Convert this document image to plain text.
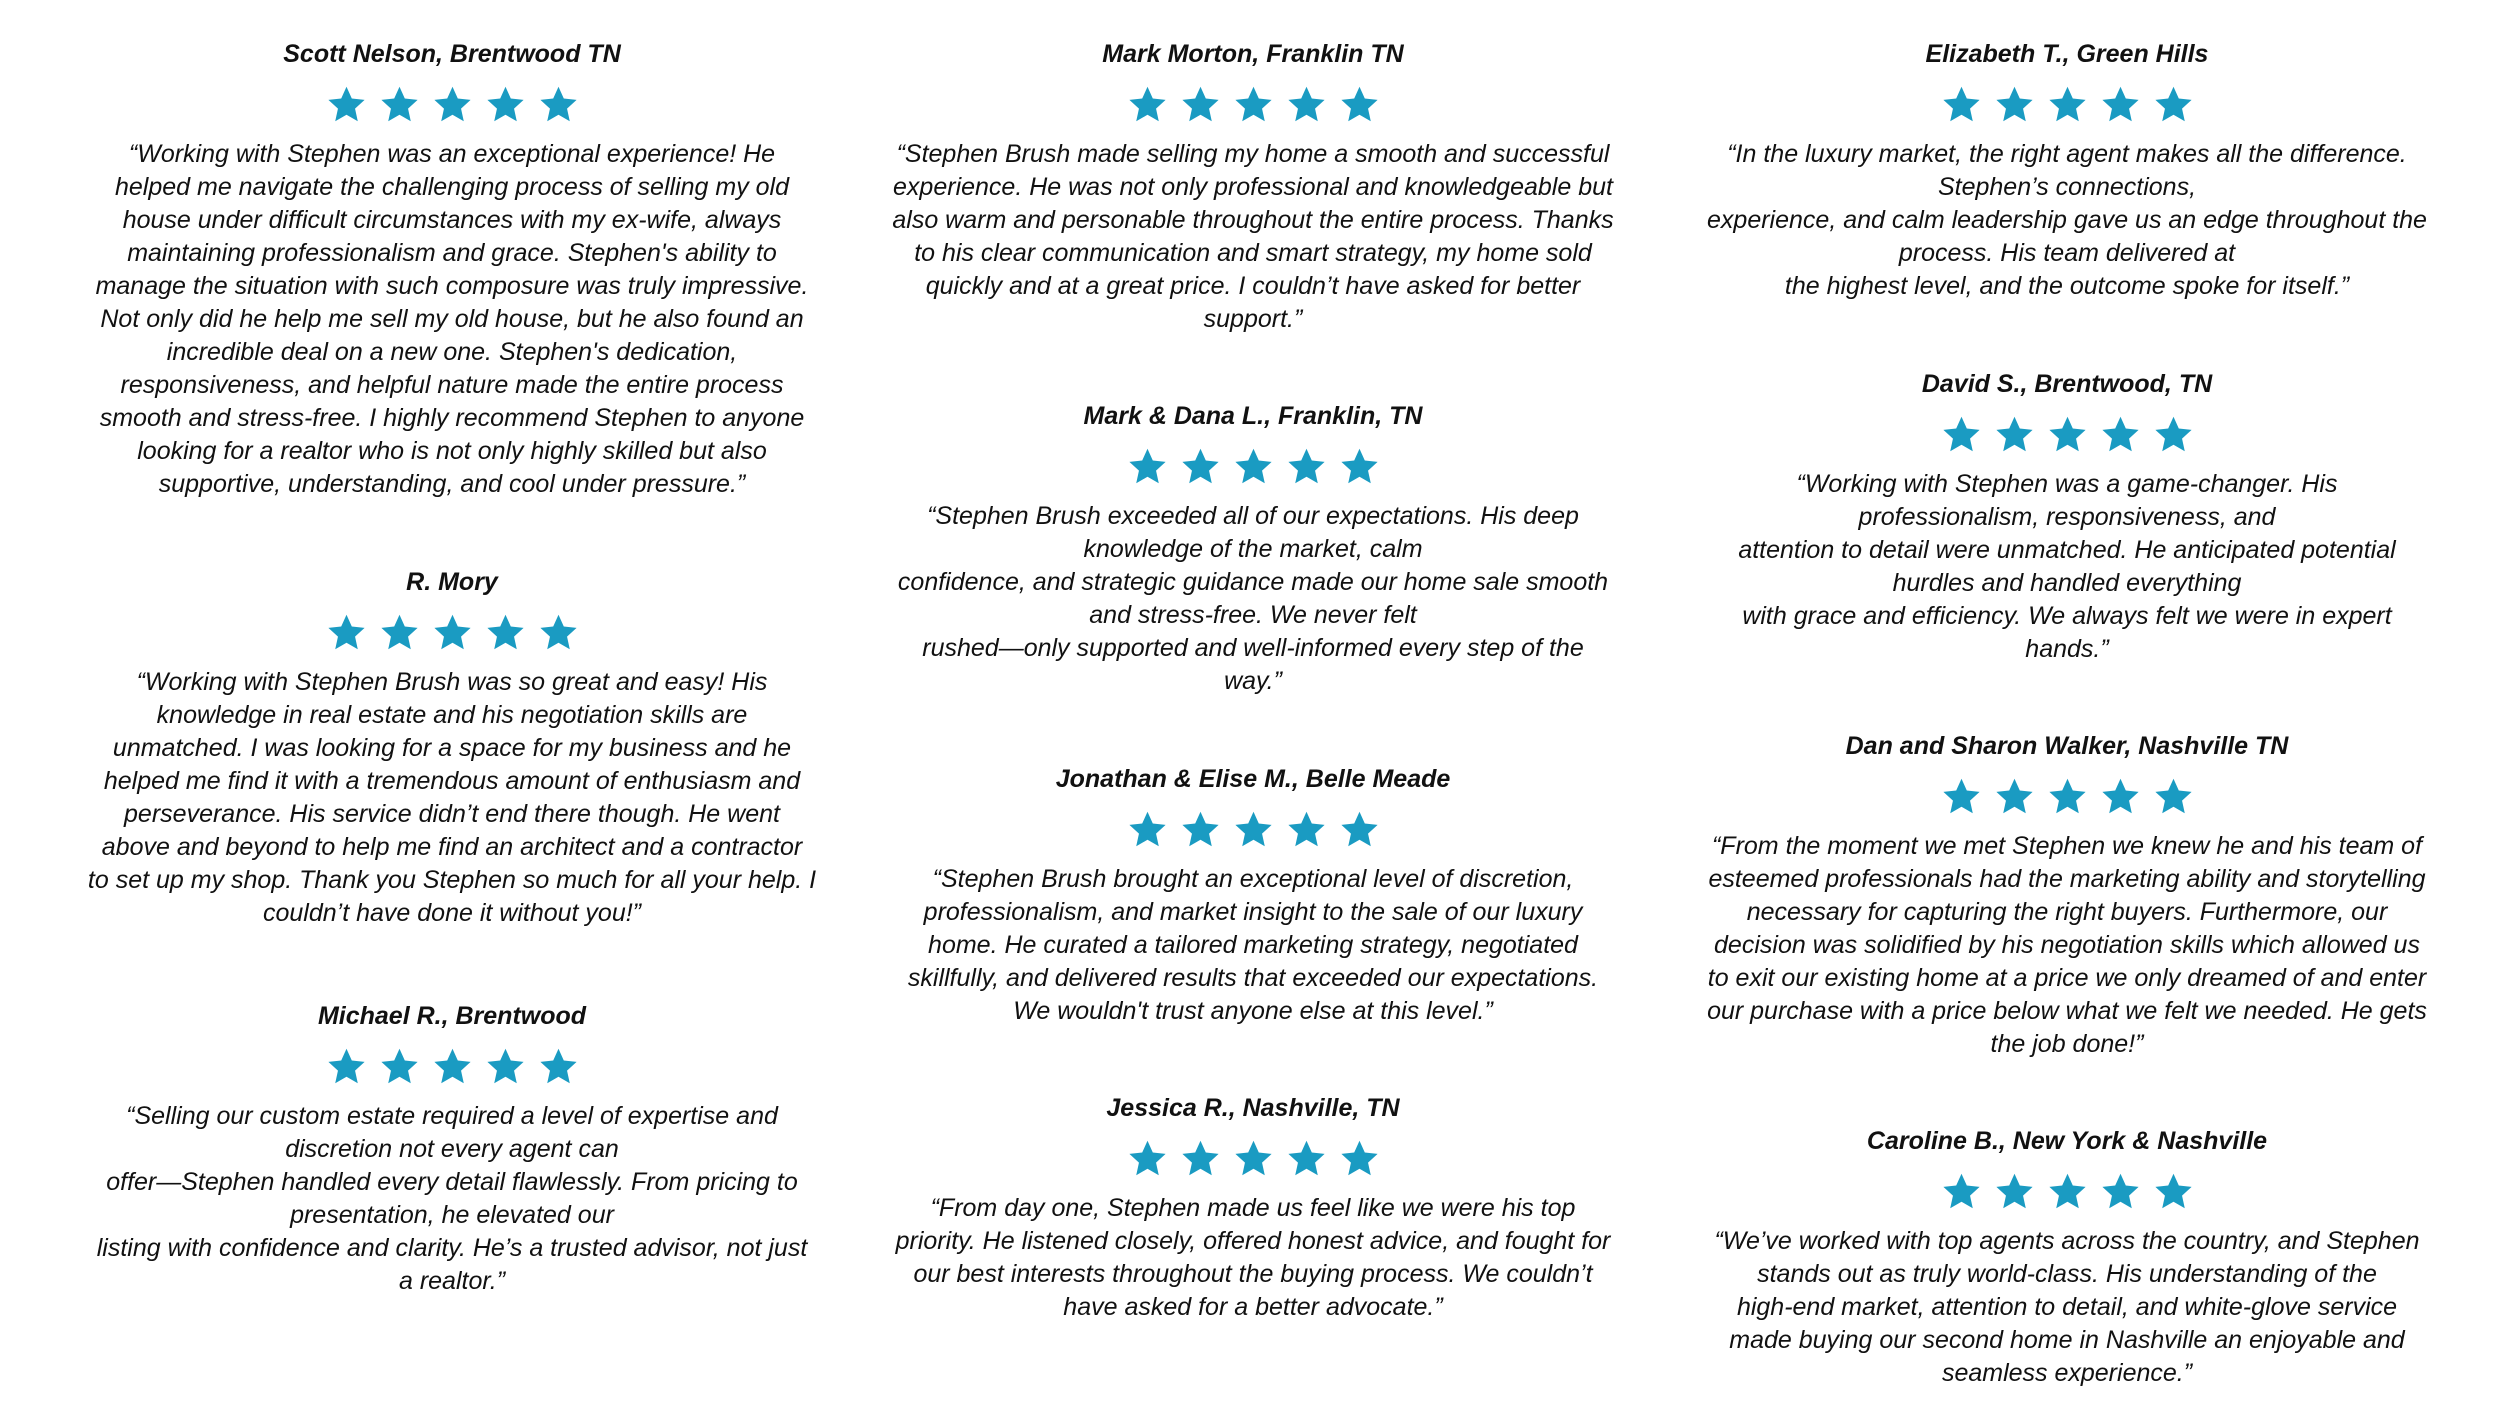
Scott Nelson, Brentwood TN

“Working with Stephen was an exceptional experience! He
helped me navigate the challenging process of selling my old
house under difficult circumstances with my ex-wife, always
maintaining professionalism and grace. Stephen's ability to
manage the situation with such composure was truly impressive.
Not only did he help me sell my old house, but he also found an
incredible deal on a new one. Stephen's dedication,
responsiveness, and helpful nature made the entire process
smooth and stress-free. I highly recommend Stephen to anyone
looking for a realtor who is not only highly skilled but also
supportive, understanding, and cool under pressure.”

R. Mory

“Working with Stephen Brush was so great and easy! His
knowledge in real estate and his negotiation skills are
unmatched. I was looking for a space for my business and he
helped me find it with a tremendous amount of enthusiasm and
perseverance. His service didn’t end there though. He went
above and beyond to help me find an architect and a contractor
to set up my shop. Thank you Stephen so much for all your help. I
couldn’t have done it without you!”

Michael R., Brentwood

“Selling our custom estate required a level of expertise and
discretion not every agent can
offer—Stephen handled every detail flawlessly. From pricing to
presentation, he elevated our
listing with confidence and clarity. He’s a trusted advisor, not just
a realtor.”

Mark Morton, Franklin TN

“Stephen Brush made selling my home a smooth and successful
experience. He was not only professional and knowledgeable but
also warm and personable throughout the entire process. Thanks
to his clear communication and smart strategy, my home sold
quickly and at a great price. I couldn’t have asked for better
support.”

Mark & Dana L., Franklin, TN

“Stephen Brush exceeded all of our expectations. His deep
knowledge of the market, calm
confidence, and strategic guidance made our home sale smooth
and stress-free. We never felt
rushed—only supported and well-informed every step of the
way.”

Jonathan & Elise M., Belle Meade

“Stephen Brush brought an exceptional level of discretion,
professionalism, and market insight to the sale of our luxury
home. He curated a tailored marketing strategy, negotiated
skillfully, and delivered results that exceeded our expectations.
We wouldn't trust anyone else at this level.”

Jessica R., Nashville, TN

“From day one, Stephen made us feel like we were his top
priority. He listened closely, offered honest advice, and fought for
our best interests throughout the buying process. We couldn’t
have asked for a better advocate.”

Elizabeth T., Green Hills

“In the luxury market, the right agent makes all the difference.
Stephen’s connections,
experience, and calm leadership gave us an edge throughout the
process. His team delivered at
the highest level, and the outcome spoke for itself.”

David S., Brentwood, TN

“Working with Stephen was a game-changer. His
professionalism, responsiveness, and
attention to detail were unmatched. He anticipated potential
hurdles and handled everything
with grace and efficiency. We always felt we were in expert
hands.”

Dan and Sharon Walker, Nashville TN

“From the moment we met Stephen we knew he and his team of
esteemed professionals had the marketing ability and storytelling
necessary for capturing the right buyers. Furthermore, our
decision was solidified by his negotiation skills which allowed us
to exit our existing home at a price we only dreamed of and enter
our purchase with a price below what we felt we needed. He gets
the job done!”

Caroline B., New York & Nashville

“We’ve worked with top agents across the country, and Stephen
stands out as truly world-class. His understanding of the
high-end market, attention to detail, and white-glove service
made buying our second home in Nashville an enjoyable and
seamless experience.”
